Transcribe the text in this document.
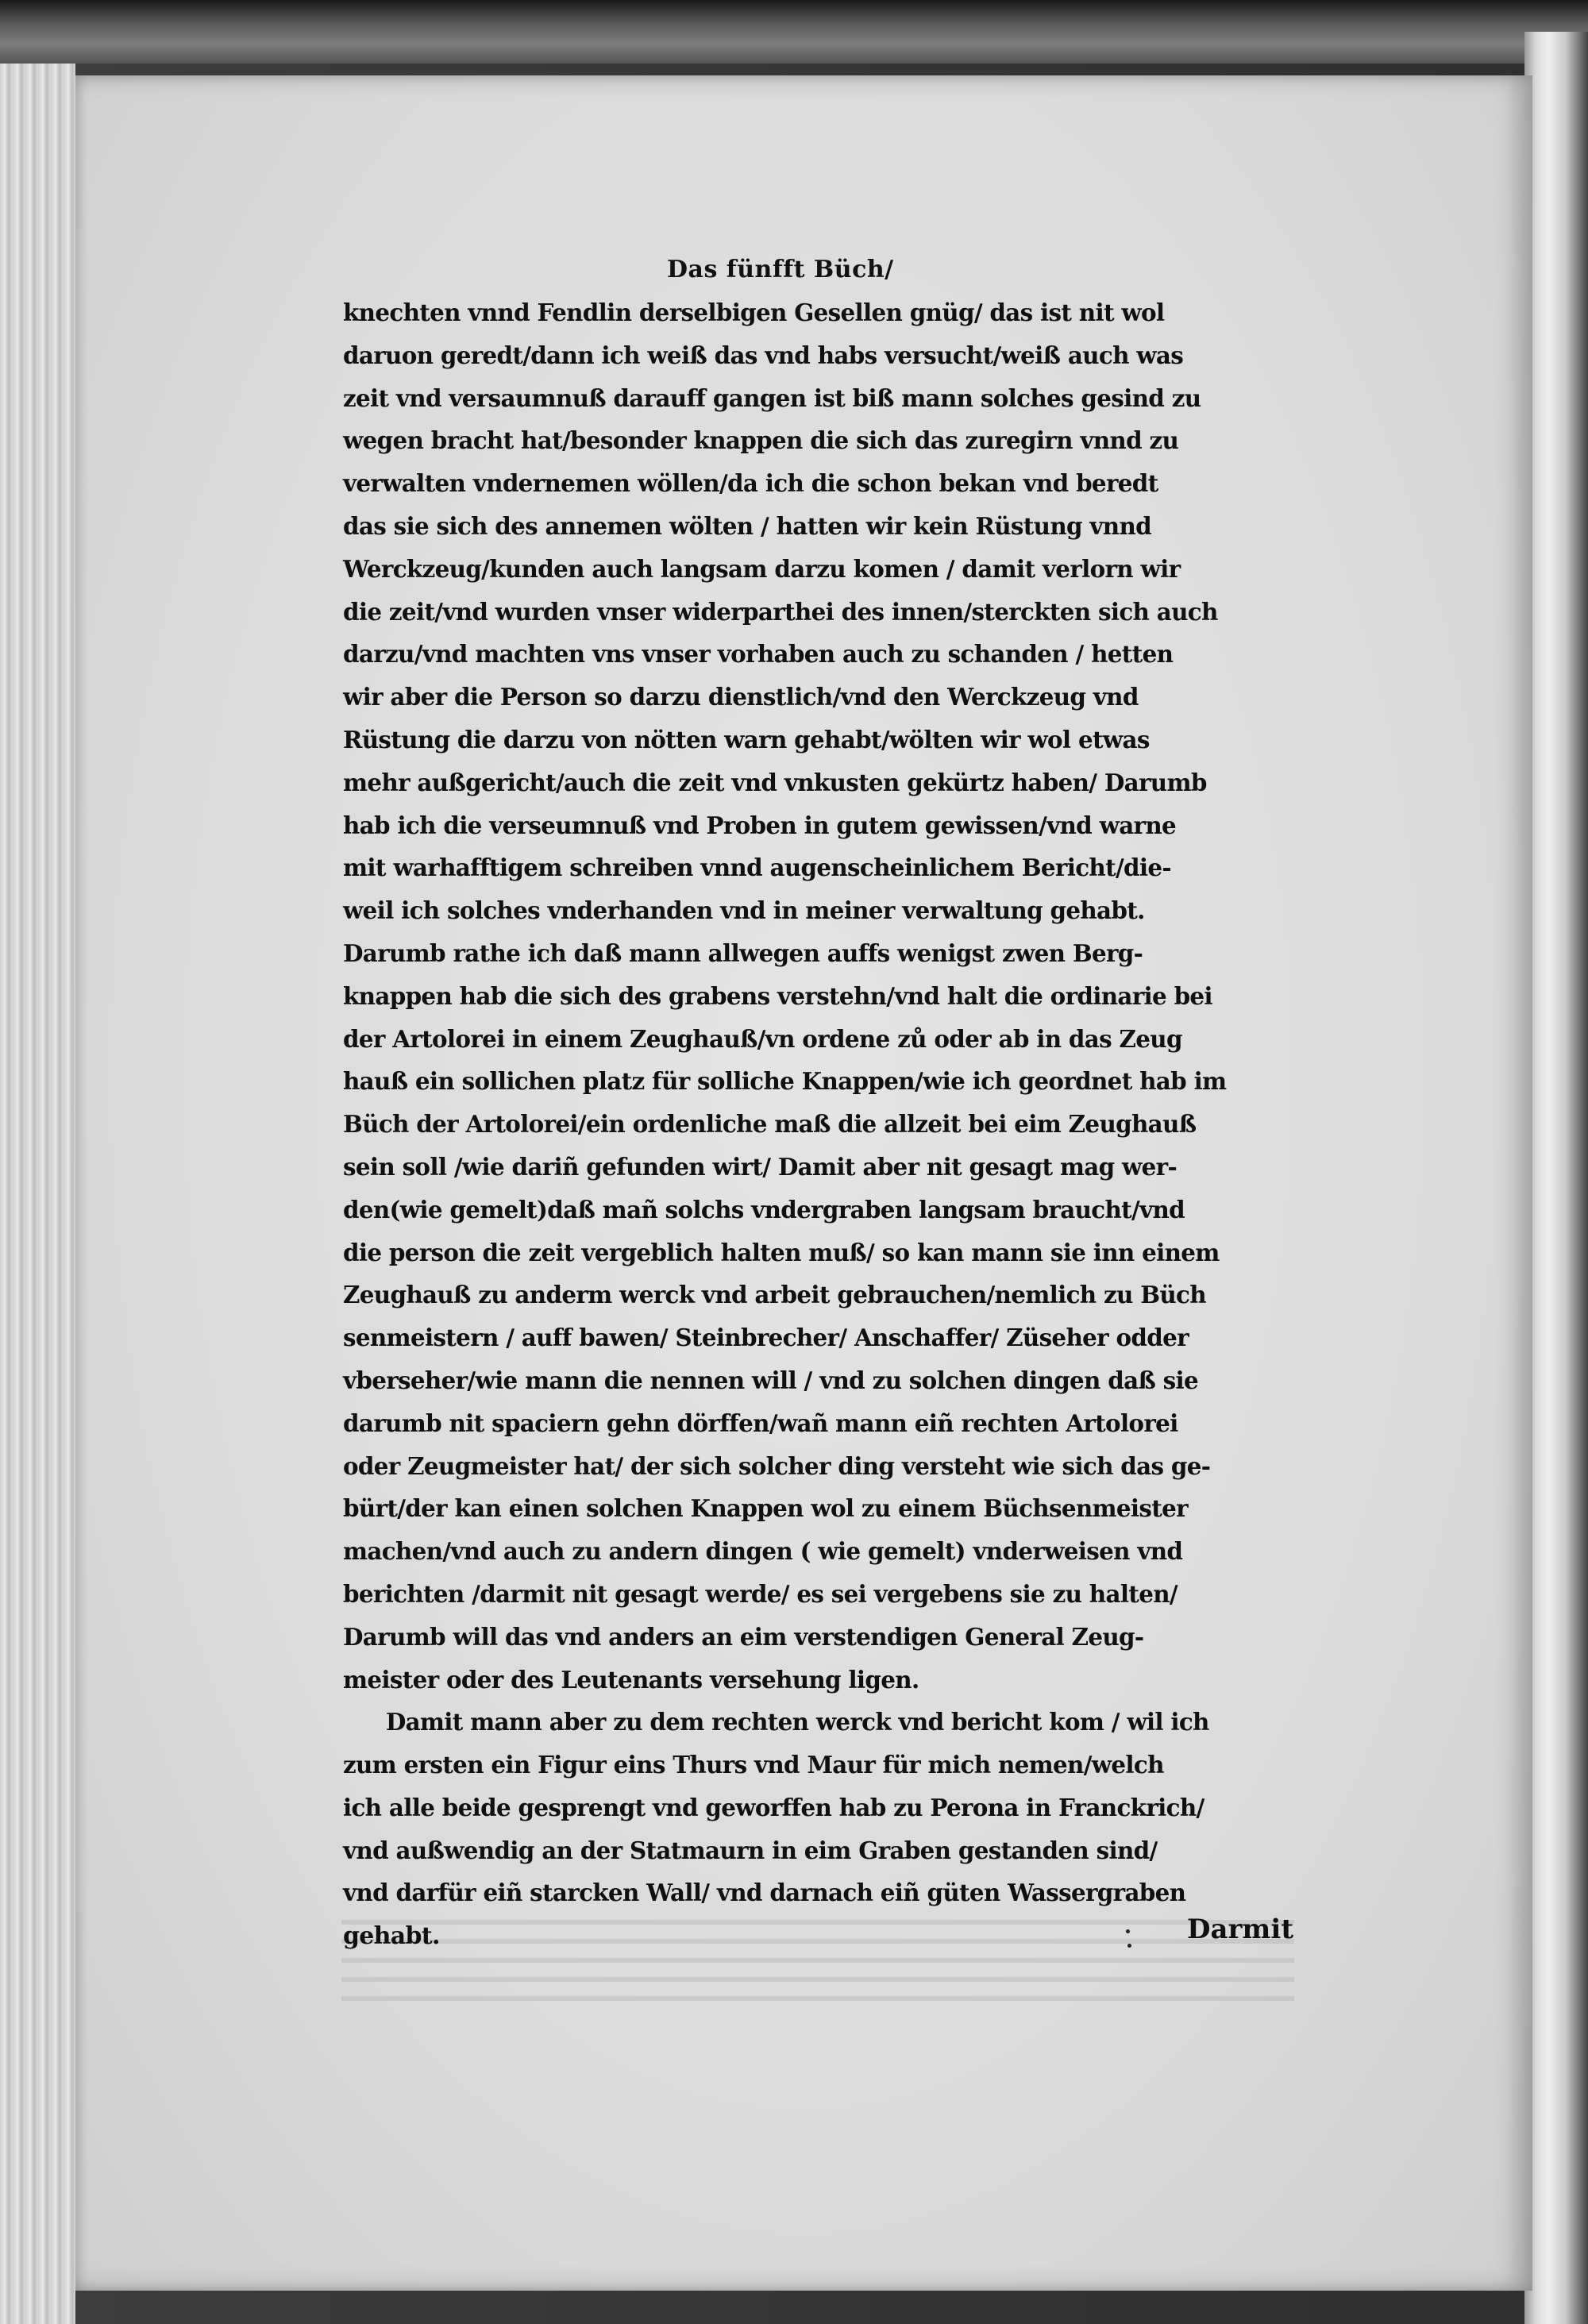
Das fünfft Büch/
knechten vnnd Fendlin derselbigen Gesellen gnüg/ das ist nit wol
daruon geredt/dann ich weiß das vnd habs versucht/weiß auch was
zeit vnd versaumnuß darauff gangen ist biß mann solches gesind zu
wegen bracht hat/besonder knappen die sich das zuregirn vnnd zu
verwalten vndernemen wöllen/da ich die schon bekan vnd beredt
das sie sich des annemen wölten / hatten wir kein Rüstung vnnd
Werckzeug/kunden auch langsam darzu komen / damit verlorn wir
die zeit/vnd wurden vnser widerparthei des innen/sterckten sich auch
darzu/vnd machten vns vnser vorhaben auch zu schanden / hetten
wir aber die Person so darzu dienstlich/vnd den Werckzeug vnd
Rüstung die darzu von nötten warn gehabt/wölten wir wol etwas
mehr außgericht/auch die zeit vnd vnkusten gekürtz haben/ Darumb
hab ich die verseumnuß vnd Proben in gutem gewissen/vnd warne
mit warhafftigem schreiben vnnd augenscheinlichem Bericht/die-
weil ich solches vnderhanden vnd in meiner verwaltung gehabt.
Darumb rathe ich daß mann allwegen auffs wenigst zwen Berg-
knappen hab die sich des grabens verstehn/vnd halt die ordinarie bei
der Artolorei in einem Zeughauß/vn ordene zů oder ab in das Zeug
hauß ein sollichen platz für solliche Knappen/wie ich geordnet hab im
Büch der Artolorei/ein ordenliche maß die allzeit bei eim Zeughauß
sein soll /wie dariñ gefunden wirt/ Damit aber nit gesagt mag wer-
den(wie gemelt)daß mañ solchs vndergraben langsam braucht/vnd
die person die zeit vergeblich halten muß/ so kan mann sie inn einem
Zeughauß zu anderm werck vnd arbeit gebrauchen/nemlich zu Büch
senmeistern / auff bawen/ Steinbrecher/ Anschaffer/ Züseher odder
vberseher/wie mann die nennen will / vnd zu solchen dingen daß sie
darumb nit spaciern gehn dörffen/wañ mann eiñ rechten Artolorei
oder Zeugmeister hat/ der sich solcher ding versteht wie sich das ge-
bürt/der kan einen solchen Knappen wol zu einem Büchsenmeister
machen/vnd auch zu andern dingen ( wie gemelt) vnderweisen vnd
berichten /darmit nit gesagt werde/ es sei vergebens sie zu halten/
Darumb will das vnd anders an eim verstendigen General Zeug-
meister oder des Leutenants versehung ligen.
Damit mann aber zu dem rechten werck vnd bericht kom / wil ich
zum ersten ein Figur eins Thurs vnd Maur für mich nemen/welch
ich alle beide gesprengt vnd geworffen hab zu Perona in Franckrich/
vnd außwendig an der Statmaurn in eim Graben gestanden sind/
vnd darfür eiñ starcken Wall/ vnd darnach eiñ güten Wassergraben
gehabt.	Darmit
